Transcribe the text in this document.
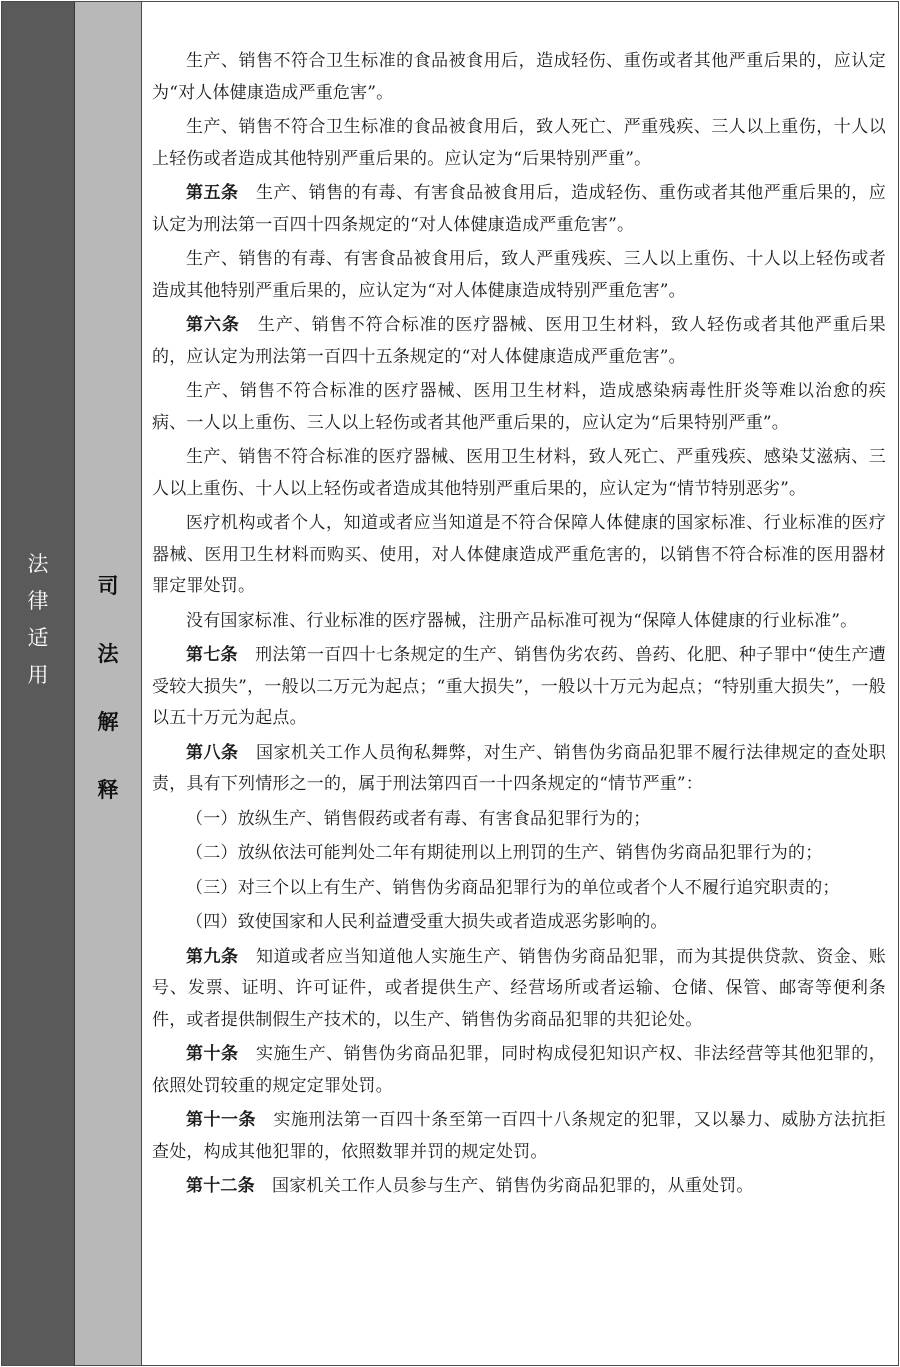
法
律
适
用
司
法
解
释

生产、销售不符合卫生标准的食品被食用后，造成轻伤、重伤或者其他严重后果的，应认定为“对人体健康造成严重危害”。

生产、销售不符合卫生标准的食品被食用后，致人死亡、严重残疾、三人以上重伤，十人以上轻伤或者造成其他特别严重后果的。应认定为“后果特别严重”。

第五条  生产、销售的有毒、有害食品被食用后，造成轻伤、重伤或者其他严重后果的，应认定为刑法第一百四十四条规定的“对人体健康造成严重危害”。

生产、销售的有毒、有害食品被食用后，致人严重残疾、三人以上重伤、十人以上轻伤或者造成其他特别严重后果的，应认定为“对人体健康造成特别严重危害”。

第六条  生产、销售不符合标准的医疗器械、医用卫生材料，致人轻伤或者其他严重后果的，应认定为刑法第一百四十五条规定的“对人体健康造成严重危害”。

生产、销售不符合标准的医疗器械、医用卫生材料，造成感染病毒性肝炎等难以治愈的疾病、一人以上重伤、三人以上轻伤或者其他严重后果的，应认定为“后果特别严重”。

生产、销售不符合标准的医疗器械、医用卫生材料，致人死亡、严重残疾、感染艾滋病、三人以上重伤、十人以上轻伤或者造成其他特别严重后果的，应认定为“情节特别恶劣”。

医疗机构或者个人，知道或者应当知道是不符合保障人体健康的国家标准、行业标准的医疗器械、医用卫生材料而购买、使用，对人体健康造成严重危害的，以销售不符合标准的医用器材罪定罪处罚。

没有国家标准、行业标准的医疗器械，注册产品标准可视为“保障人体健康的行业标准”。

第七条  刑法第一百四十七条规定的生产、销售伪劣农药、兽药、化肥、种子罪中“使生产遭受较大损失”，一般以二万元为起点；“重大损失”，一般以十万元为起点；“特别重大损失”，一般以五十万元为起点。

第八条  国家机关工作人员徇私舞弊，对生产、销售伪劣商品犯罪不履行法律规定的查处职责，具有下列情形之一的，属于刑法第四百一十四条规定的“情节严重”：

（一）放纵生产、销售假药或者有毒、有害食品犯罪行为的；

（二）放纵依法可能判处二年有期徒刑以上刑罚的生产、销售伪劣商品犯罪行为的；

（三）对三个以上有生产、销售伪劣商品犯罪行为的单位或者个人不履行追究职责的；

（四）致使国家和人民利益遭受重大损失或者造成恶劣影响的。

第九条  知道或者应当知道他人实施生产、销售伪劣商品犯罪，而为其提供贷款、资金、账号、发票、证明、许可证件，或者提供生产、经营场所或者运输、仓储、保管、邮寄等便利条件，或者提供制假生产技术的，以生产、销售伪劣商品犯罪的共犯论处。

第十条  实施生产、销售伪劣商品犯罪，同时构成侵犯知识产权、非法经营等其他犯罪的，依照处罚较重的规定定罪处罚。

第十一条  实施刑法第一百四十条至第一百四十八条规定的犯罪，又以暴力、威胁方法抗拒查处，构成其他犯罪的，依照数罪并罚的规定处罚。

第十二条  国家机关工作人员参与生产、销售伪劣商品犯罪的，从重处罚。
